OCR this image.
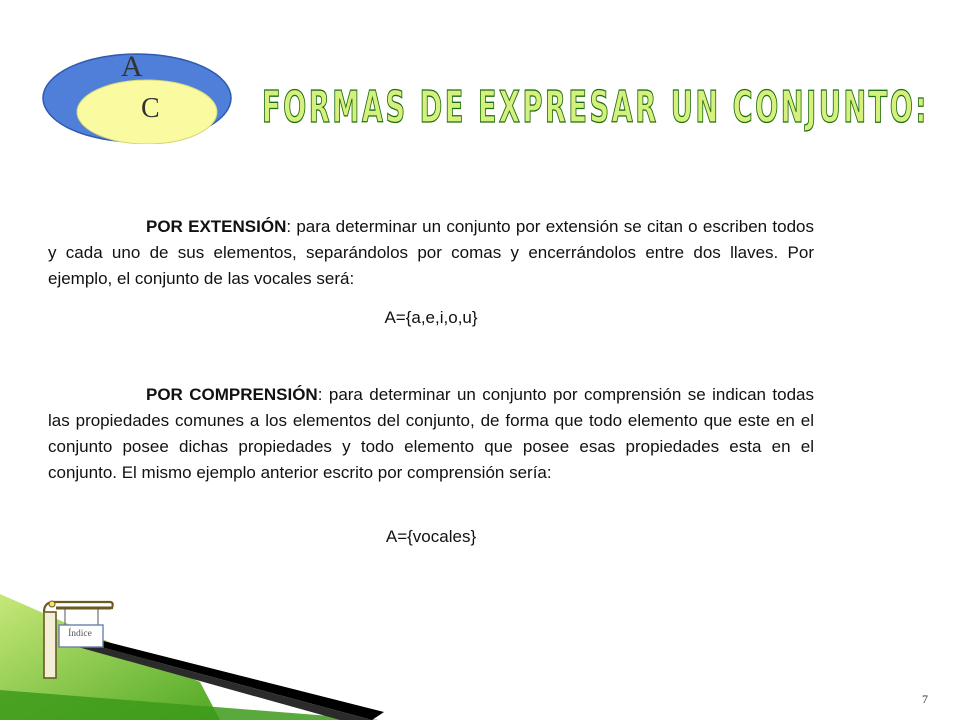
A
C FORMAS DE EXPRESAR UN CONJUNTO:

POR EXTENSIÓN: para determinar un conjunto por extensión se citan o escriben todos y cada uno de sus elementos, separándolos por comas y encerrándolos entre dos llaves. Por ejemplo, el conjunto de las vocales será:

A={a,e,i,o,u}

POR COMPRENSIÓN: para determinar un conjunto por comprensión se indican todas las propiedades comunes a los elementos del conjunto, de forma que todo elemento que este en el conjunto posee dichas propiedades y todo elemento que posee esas propiedades esta en el conjunto. El mismo ejemplo anterior escrito por comprensión sería:

A={vocales}

Índice
7
